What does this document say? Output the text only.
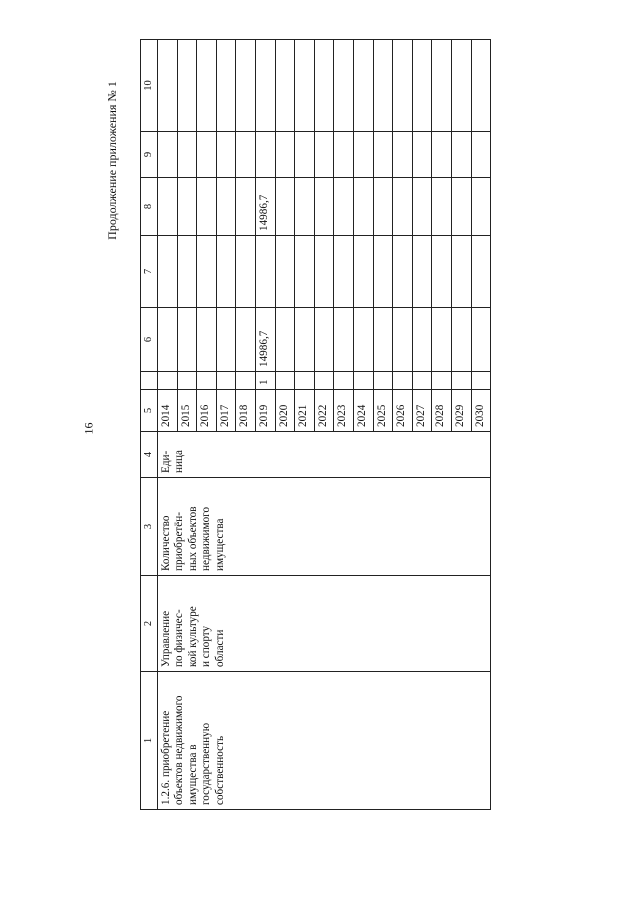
16
Продолжение приложения № 1
1	2	3	4	5		6	7	8	9	10
1.2.6. приобретение
объектов недвижимого
имущества в
государственную
собственность	Управление
по физичес-
кой культуре
и спорту
области	Количество
приобретён-
ных объектов
недвижимого
имущества	Еди-
ница	2014						
				2015						
				2016						
				2017						
				2018						
				2019	1	14986,7		14986,7		
				2020						
				2021						
				2022						
				2023						
				2024						
				2025						
				2026						
				2027						
				2028						
				2029						
				2030						
